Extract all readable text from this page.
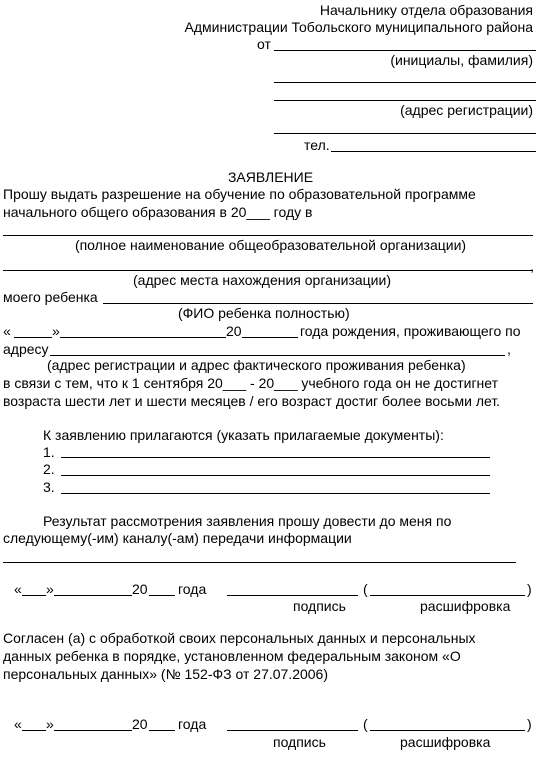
Начальнику отдела образования
Администрации Тобольского муниципального района
от
(инициалы, фамилия)
(адрес регистрации)
тел.
ЗАЯВЛЕНИЕ
Прошу выдать разрешение на обучение по образовательной программе
начального общего образования в 20___ году в
(полное наименование общеобразовательной организации)
,
(адрес места нахождения организации)
моего ребенка
(ФИО ребенка полностью)
«	»	20	года рождения, проживающего по
адресу	,
(адрес регистрации и адрес фактического проживания ребенка)
в связи с тем, что к 1 сентября 20___ - 20___ учебного года он не достигнет
возраста шести лет и шести месяцев / его возраст достиг более восьми лет.
К заявлению прилагаются (указать прилагаемые документы):
1.
2.
3.
Результат рассмотрения заявления прошу довести до меня по
следующему(-им) каналу(-ам) передачи информации
« »	20 года	(	)
подпись	расшифровка
Согласен (а) с обработкой своих персональных данных и персональных
данных ребенка в порядке, установленном федеральным законом «О
персональных данных» (№ 152-ФЗ от 27.07.2006)
« »	20 года	(	)
подпись	расшифровка
